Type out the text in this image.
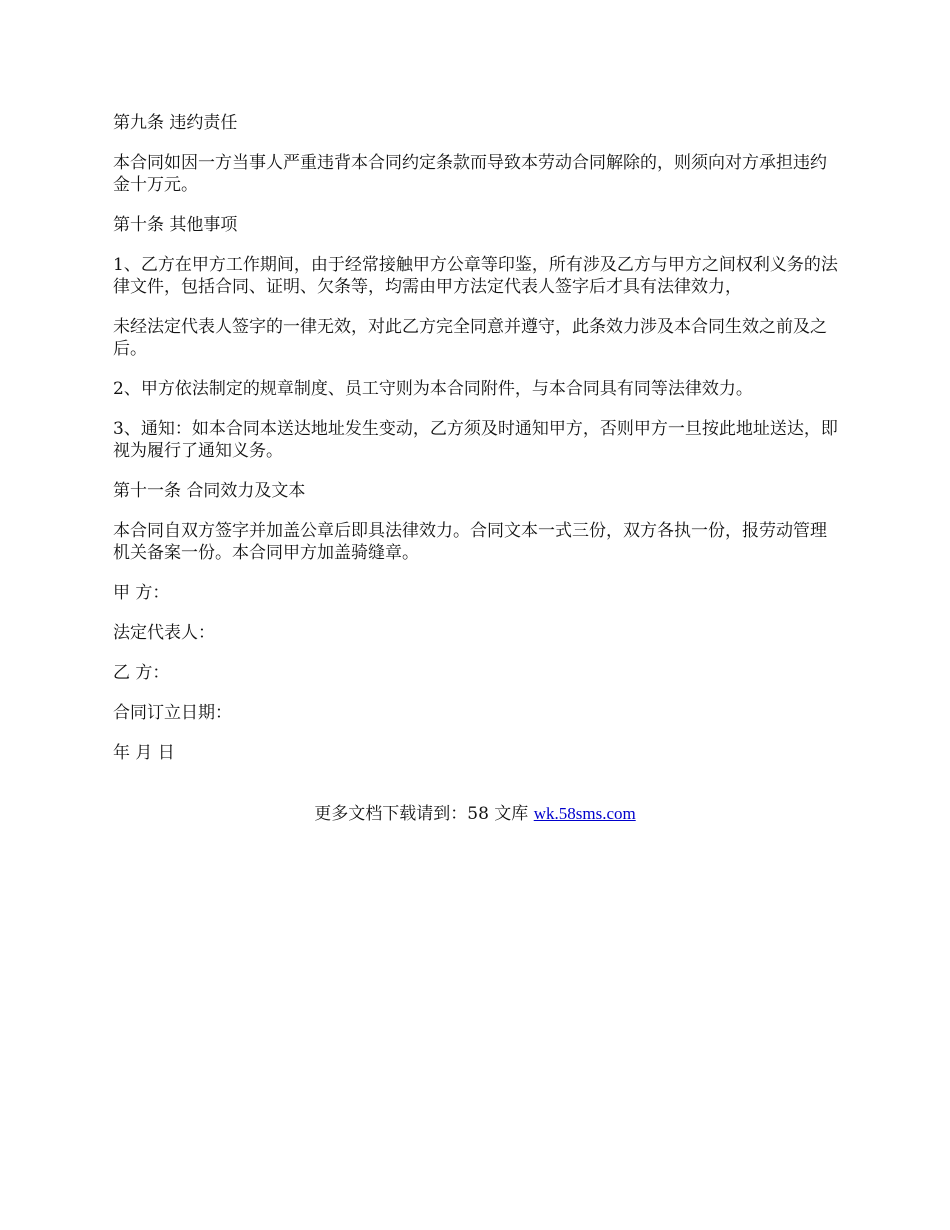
第九条 违约责任

本合同如因一方当事人严重违背本合同约定条款而导致本劳动合同解除的，则须向对方承担违约金十万元。

第十条 其他事项

1、乙方在甲方工作期间，由于经常接触甲方公章等印鉴，所有涉及乙方与甲方之间权利义务的法律文件，包括合同、证明、欠条等，均需由甲方法定代表人签字后才具有法律效力，

未经法定代表人签字的一律无效，对此乙方完全同意并遵守，此条效力涉及本合同生效之前及之后。

2、甲方依法制定的规章制度、员工守则为本合同附件，与本合同具有同等法律效力。

3、通知：如本合同本送达地址发生变动，乙方须及时通知甲方，否则甲方一旦按此地址送达，即视为履行了通知义务。

第十一条 合同效力及文本

本合同自双方签字并加盖公章后即具法律效力。合同文本一式三份，双方各执一份，报劳动管理机关备案一份。本合同甲方加盖骑缝章。

甲 方：

法定代表人：

乙 方：

合同订立日期：

年 月 日

更多文档下载请到：58 文库 wk.58sms.com
